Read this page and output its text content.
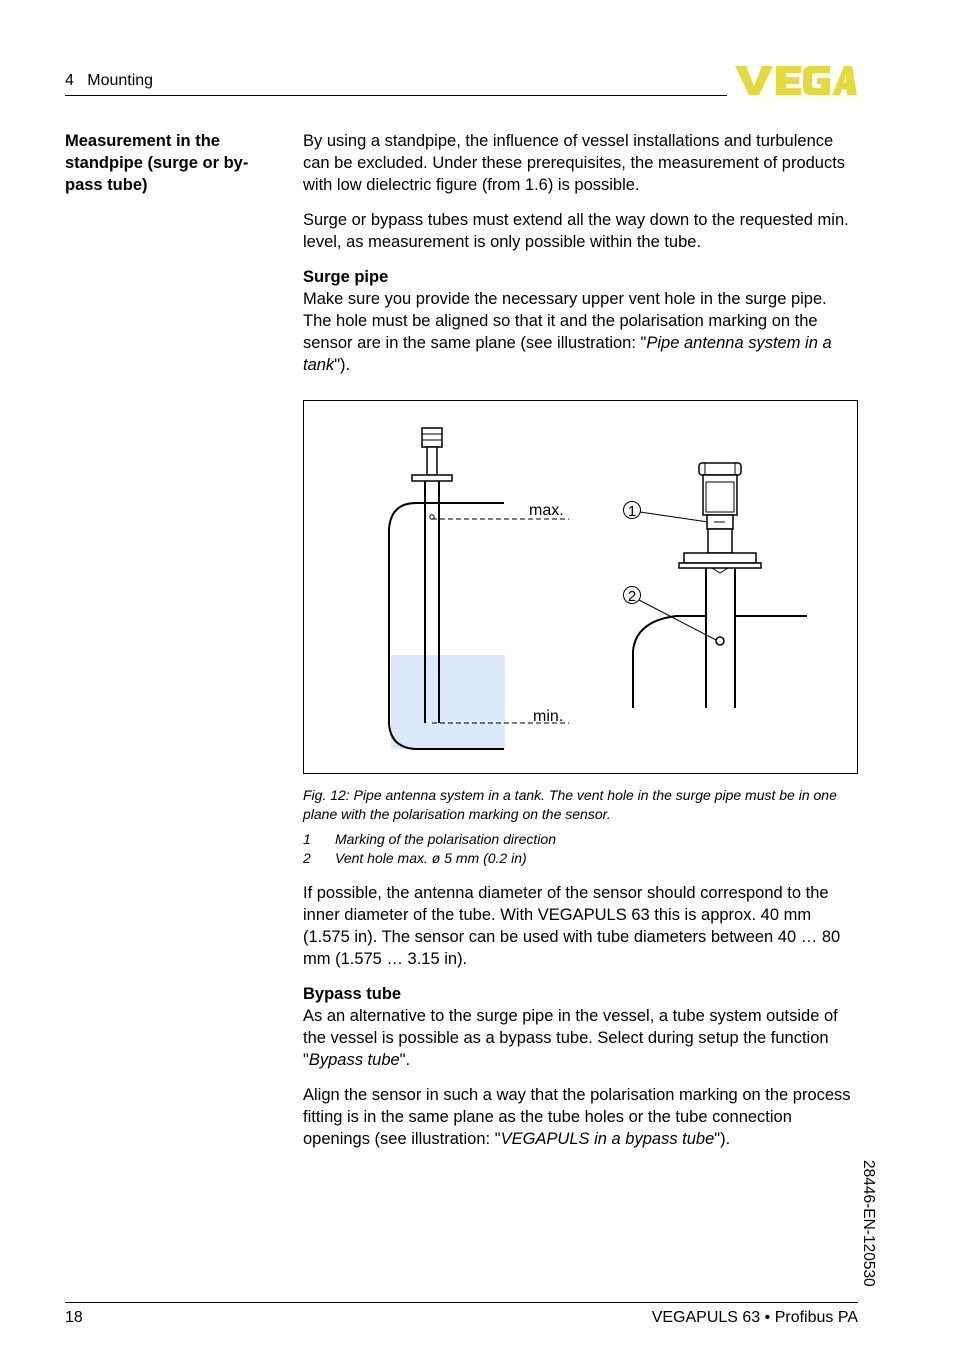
4   Mounting
Measurement in the standpipe (surge or by-pass tube)

By using a standpipe, the influence of vessel installations and turbulence can be excluded. Under these prerequisites, the measurement of products with low dielectric figure (from 1.6) is possible.

Surge or bypass tubes must extend all the way down to the requested min. level, as measurement is only possible within the tube.

Surge pipe

Make sure you provide the necessary upper vent hole in the surge pipe. The hole must be aligned so that it and the polarisation marking on the sensor are in the same plane (see illustration: "Pipe antenna system in a tank").

max.
min.
1
2
Fig. 12: Pipe antenna system in a tank. The vent hole in the surge pipe must be in one plane with the polarisation marking on the sensor.
1 Marking of the polarisation direction
2 Vent hole max. ø 5 mm (0.2 in)

If possible, the antenna diameter of the sensor should correspond to the inner diameter of the tube. With VEGAPULS 63 this is approx. 40 mm (1.575 in). The sensor can be used with tube diameters between 40 … 80 mm (1.575 … 3.15 in).

Bypass tube

As an alternative to the surge pipe in the vessel, a tube system outside of the vessel is possible as a bypass tube. Select during setup the function "Bypass tube".

Align the sensor in such a way that the polarisation marking on the process fitting is in the same plane as the tube holes or the tube connection openings (see illustration: "VEGAPULS in a bypass tube").

28446-EN-120530
18	VEGAPULS 63 • Profibus PA
